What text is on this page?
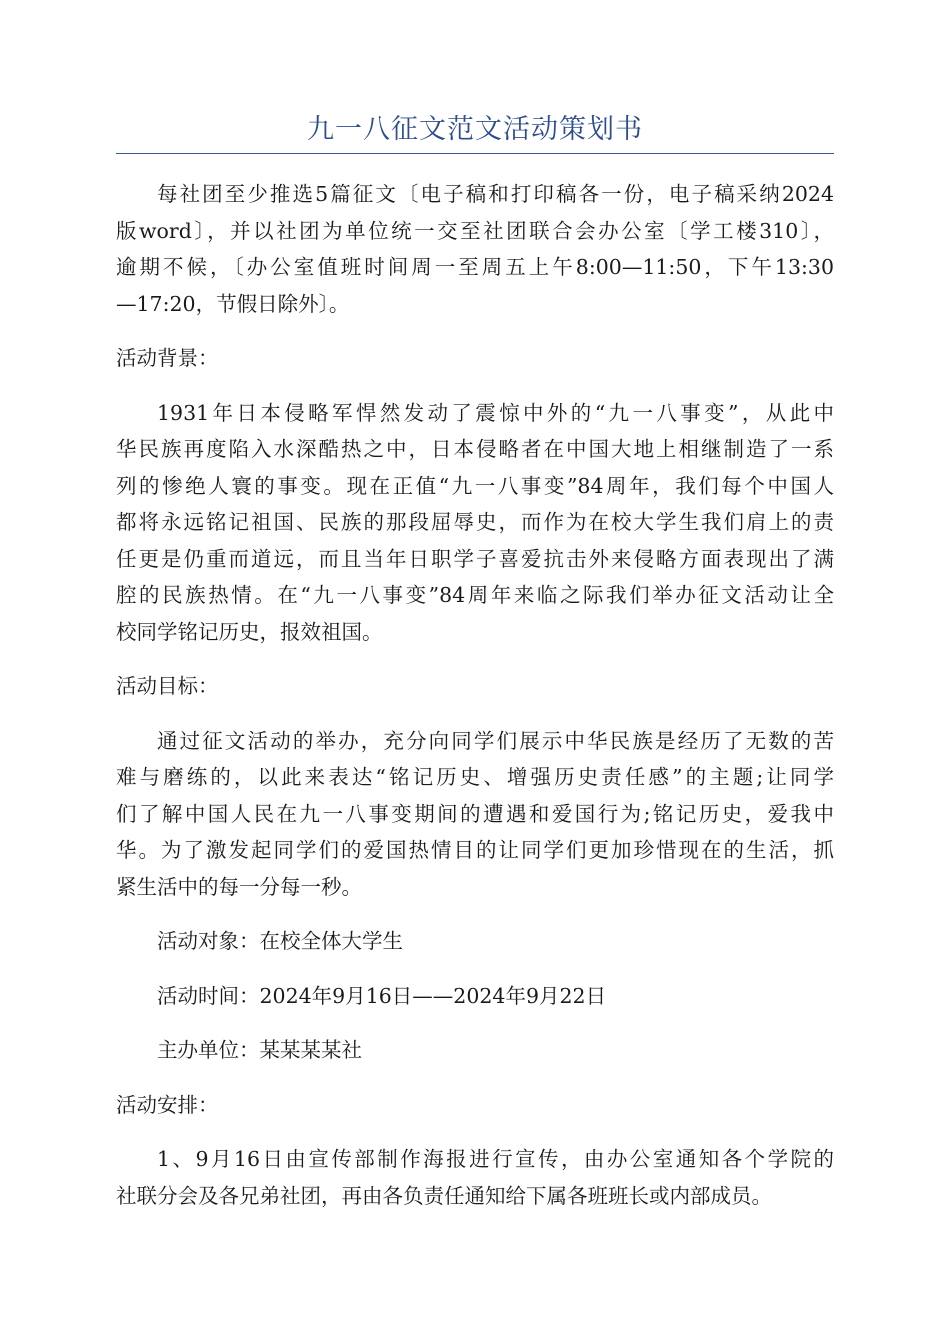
九一八征文范文活动策划书
每社团至少推选5篇征文〔电子稿和打印稿各一份，电子稿采纳2024
版word〕，并以社团为单位统一交至社团联合会办公室〔学工楼310〕，
逾期不候，〔办公室值班时间周一至周五上午8:00—11:50，下午13:30
—17:20，节假日除外〕。
活动背景：
1931年日本侵略军悍然发动了震惊中外的“九一八事变”，从此中
华民族再度陷入水深酷热之中，日本侵略者在中国大地上相继制造了一系
列的惨绝人寰的事变。现在正值“九一八事变”84周年，我们每个中国人
都将永远铭记祖国、民族的那段屈辱史，而作为在校大学生我们肩上的责
任更是仍重而道远，而且当年日职学子喜爱抗击外来侵略方面表现出了满
腔的民族热情。在“九一八事变”84周年来临之际我们举办征文活动让全
校同学铭记历史，报效祖国。
活动目标：
通过征文活动的举办，充分向同学们展示中华民族是经历了无数的苦
难与磨练的，以此来表达“铭记历史、增强历史责任感”的主题;让同学
们了解中国人民在九一八事变期间的遭遇和爱国行为;铭记历史，爱我中
华。为了激发起同学们的爱国热情目的让同学们更加珍惜现在的生活，抓
紧生活中的每一分每一秒。
活动对象：在校全体大学生
活动时间：2024年9月16日——2024年9月22日
主办单位：某某某某社
活动安排：
1、9月16日由宣传部制作海报进行宣传，由办公室通知各个学院的
社联分会及各兄弟社团，再由各负责任通知给下属各班班长或内部成员。
